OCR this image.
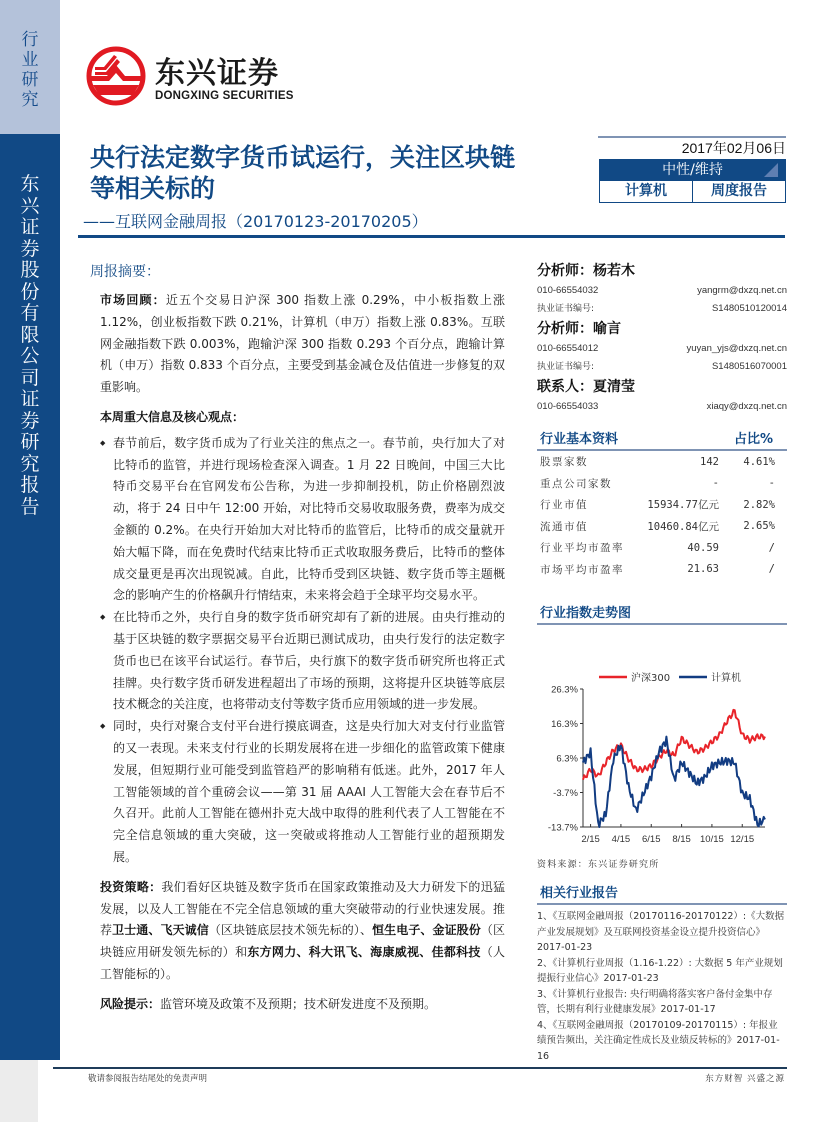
行
业
研
究
东
兴
证
券
股
份
有
限
公
司
证
券
研
究
报
告
东兴证券
DONGXING SECURITIES
2017年02月06日
中性/维持
计算机	周度报告
央行法定数字货币试运行，关注区块链等相关标的
——互联网金融周报（20170123-20170205）
周报摘要：

市场回顾：近五个交易日沪深 300 指数上涨 0.29%，中小板指数上涨 1.12%，创业板指数下跌 0.21%，计算机（申万）指数上涨 0.83%。互联网金融指数下跌 0.003%，跑输沪深 300 指数 0.293 个百分点，跑输计算机（申万）指数 0.833 个百分点，主要受到基金减仓及估值进一步修复的双重影响。

本周重大信息及核心观点：

◆ 春节前后，数字货币成为了行业关注的焦点之一。春节前，央行加大了对比特币的监管，并进行现场检查深入调查。1 月 22 日晚间，中国三大比特币交易平台在官网发布公告称，为进一步抑制投机，防止价格剧烈波动，将于 24 日中午 12:00 开始，对比特币交易收取服务费，费率为成交金额的 0.2%。在央行开始加大对比特币的监管后，比特币的成交量就开始大幅下降，而在免费时代结束比特币正式收取服务费后，比特币的整体成交量更是再次出现锐减。自此，比特币受到区块链、数字货币等主题概念的影响产生的价格飙升行情结束，未来将会趋于全球平均交易水平。

◆ 在比特币之外，央行自身的数字货币研究却有了新的进展。由央行推动的基于区块链的数字票据交易平台近期已测试成功，由央行发行的法定数字货币也已在该平台试运行。春节后，央行旗下的数字货币研究所也将正式挂牌。央行数字货币研发进程超出了市场的预期，这将提升区块链等底层技术概念的关注度，也将带动支付等数字货币应用领域的进一步发展。

◆ 同时，央行对聚合支付平台进行摸底调查，这是央行加大对支付行业监管的又一表现。未来支付行业的长期发展将在进一步细化的监管政策下健康发展，但短期行业可能受到监管趋严的影响稍有低迷。此外，2017 年人工智能领域的首个重磅会议——第 31 届 AAAI 人工智能大会在春节后不久召开。此前人工智能在德州扑克大战中取得的胜利代表了人工智能在不完全信息领域的重大突破，这一突破或将推动人工智能行业的超预期发展。

投资策略：我们看好区块链及数字货币在国家政策推动及大力研发下的迅猛发展，以及人工智能在不完全信息领域的重大突破带动的行业快速发展。推荐卫士通、飞天诚信（区块链底层技术领先标的）、恒生电子、金证股份（区块链应用研发领先标的）和东方网力、科大讯飞、海康威视、佳都科技（人工智能标的）。

风险提示：监管环境及政策不及预期；技术研发进度不及预期。

分析师：杨若木
010-66554032	yangrm@dxzq.net.cn
执业证书编号:	S1480510120014
分析师：喻言
010-66554012	yuyan_yjs@dxzq.net.cn
执业证书编号:	S1480516070001
联系人：夏清莹
010-66554033	xiaqy@dxzq.net.cn
行业基本资料	占比%
股票家数	142	4.61%
重点公司家数	-	-
行业市值	15934.77亿元	2.82%
流通市值	10460.84亿元	2.65%
行业平均市盈率	40.59	/
市场平均市盈率	21.63	/
行业指数走势图
沪深300	计算机
26.3%
16.3%
6.3%
-3.7%
-13.7%
2/15 4/15 6/15 8/15 10/15 12/15
资料来源：东兴证券研究所
相关行业报告
1、《互联网金融周报（20170116-20170122）:《大数据产业发展规划》及互联网投资基金设立提升投资信心》2017-01-23
2、《计算机行业周报（1.16-1.22）: 大数据 5 年产业规划提振行业信心》2017-01-23
3、《计算机行业报告: 央行明确将落实客户备付金集中存管，长期有利行业健康发展》2017-01-17
4、《互联网金融周报（20170109-20170115）: 年报业绩预告频出，关注确定性成长及业绩反转标的》2017-01-16
敬请参阅报告结尾处的免责声明	东方财智 兴盛之源
